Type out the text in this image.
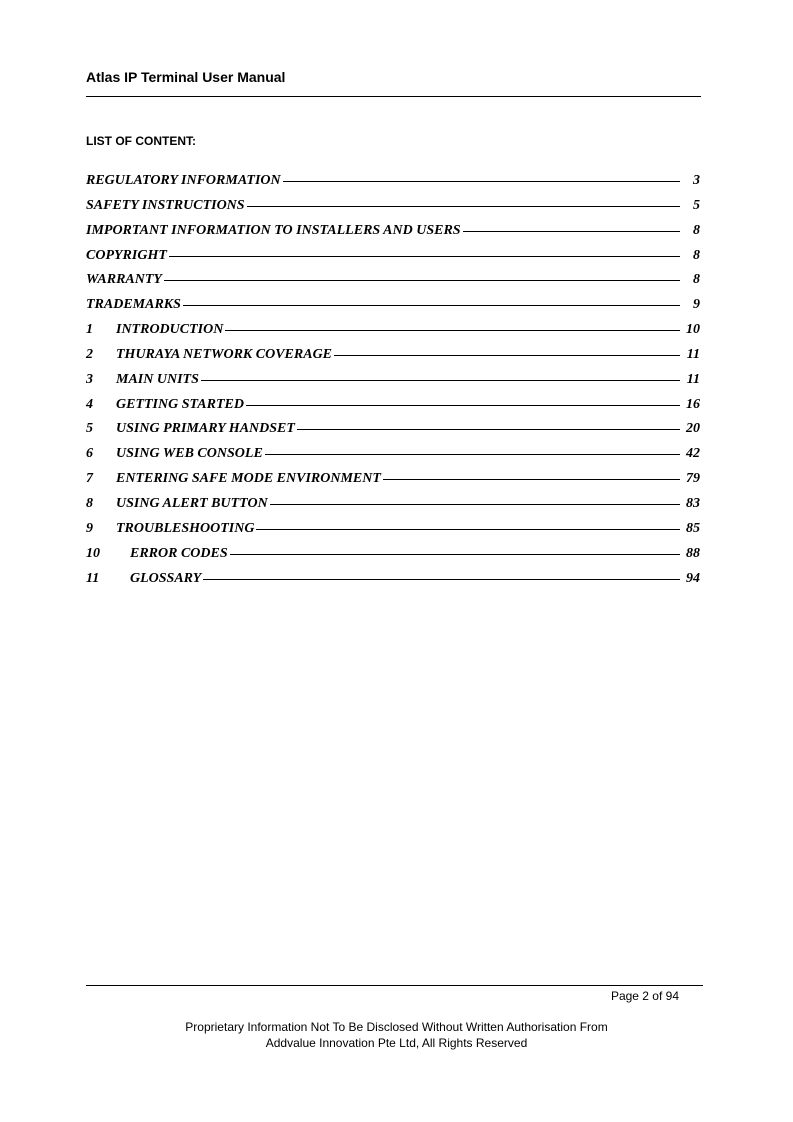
Atlas IP Terminal User Manual
LIST OF CONTENT:
REGULATORY INFORMATION	3
SAFETY INSTRUCTIONS	5
IMPORTANT INFORMATION TO INSTALLERS AND USERS	8
COPYRIGHT	8
WARRANTY	8
TRADEMARKS	9
1	INTRODUCTION	10
2	THURAYA NETWORK COVERAGE	11
3	MAIN UNITS	11
4	GETTING STARTED	16
5	USING PRIMARY HANDSET	20
6	USING WEB CONSOLE	42
7	ENTERING SAFE MODE ENVIRONMENT	79
8	USING ALERT BUTTON	83
9	TROUBLESHOOTING	85
10	ERROR CODES	88
11	GLOSSARY	94
Page 2 of 94
Proprietary Information Not To Be Disclosed Without Written Authorisation From
Addvalue Innovation Pte Ltd, All Rights Reserved
